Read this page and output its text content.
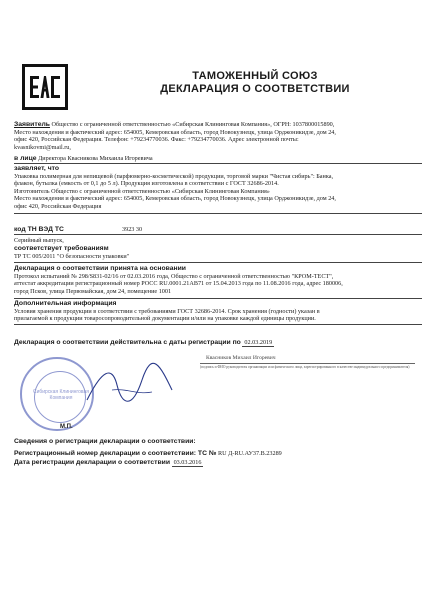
ТАМОЖЕННЫЙ СОЮЗ
ДЕКЛАРАЦИЯ О СООТВЕТСТВИИ
Заявитель Общество с ограниченной ответственностью «Сибирская Клининговая Компания», ОГРН: 1037800015890,
Место нахождения и фактический адрес: 654005, Кемеровская область, город Новокузнецк, улица Орджоникидзе, дом 24,
офис 420, Российская Федерация. Телефон: +79234770036. Факс: +79234770036. Адрес электронной почты:
kvasnikovmi@mail.ru,
в лице Директора Квасникова Михаила Игоревича
заявляет, что
Упаковка полимерная для непищевой (парфюмерно-косметической) продукции, торговой марки "Чистая сибирь": Банка,
флакон, бутылка (емкость от 0,1 до 5 л). Продукция изготовлена в соответствии с ГОСТ 32686-2014.
Изготовитель Общество с ограниченной ответственностью «Сибирская Клининговая Компания»
Место нахождения и фактический адрес: 654005, Кемеровская область, город Новокузнецк, улица Орджоникидзе, дом 24,
офис 420, Российская Федерация
код ТН ВЭД ТС	3923 30
Серийный выпуск,
соответствует требованиям
ТР ТС 005/2011 "О безопасности упаковки"
Декларация о соответствии принята на основании
Протокол испытаний № 298/S831-02/16 от 02.03.2016 года, Общество с ограниченной ответственностью "КРОМ-ТЕСТ",
аттестат аккредитации регистрационный номер РОСС RU.0001.21АВ71 от 15.04.2013 года по 11.08.2016 года, адрес 180006,
город Псков, улица Первомайская, дом 24, помещение 1001
Дополнительная информация
Условия хранения продукции в соответствии с требованиями ГОСТ 32686-2014. Срок хранения (годности) указан в
прилагаемой к продукции товаросопроводительной документации и/или на упаковке каждой единицы продукции.
Декларация о соответствии действительна с даты регистрации по 02.03.2019
Сибирская Клининговая Компания
Квасников Михаил Игоревич
(подпись и ФИО руководителя организации или физического лица, зарегистрированного в качестве индивидуального предпринимателя)
М.П.
Сведения о регистрации декларации о соответствии:
Регистрационный номер декларации о соответствии: ТС № RU Д-RU.АУ37.В.23289
Дата регистрации декларации о соответствии 03.03.2016
